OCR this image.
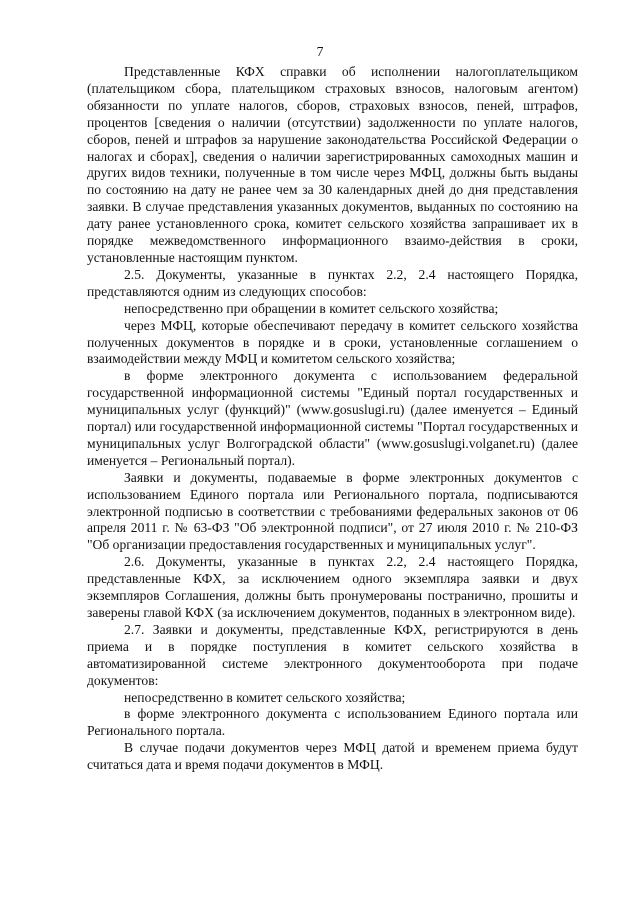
7

Представленные КФХ справки об исполнении налогоплательщиком (плательщиком сбора, плательщиком страховых взносов, налоговым агентом) обязанности по уплате налогов, сборов, страховых взносов, пеней, штрафов, процентов [сведения о наличии (отсутствии) задолженности по уплате налогов, сборов, пеней и штрафов за нарушение законодательства Российской Федерации о налогах и сборах], сведения о наличии зарегистрированных самоходных машин и других видов техники, полученные в том числе через МФЦ, должны быть выданы по состоянию на дату не ранее чем за 30 календарных дней до дня представления заявки. В случае представления указанных документов, выданных по состоянию на дату ранее установленного срока, комитет сельского хозяйства запрашивает их в порядке межведомственного информационного взаимо-действия в сроки, установленные настоящим пунктом.

2.5. Документы, указанные в пунктах 2.2, 2.4 настоящего Порядка, представляются одним из следующих способов:

непосредственно при обращении в комитет сельского хозяйства;

через МФЦ, которые обеспечивают передачу в комитет сельского хозяйства полученных документов в порядке и в сроки, установленные соглашением о взаимодействии между МФЦ и комитетом сельского хозяйства;

в форме электронного документа с использованием федеральной государственной информационной системы "Единый портал государственных и муниципальных услуг (функций)" (www.gosuslugi.ru) (далее именуется – Единый портал) или государственной информационной системы "Портал государственных и муниципальных услуг Волгоградской области" (www.gosuslugi.volganet.ru) (далее именуется – Региональный портал).

Заявки и документы, подаваемые в форме электронных документов с использованием Единого портала или Регионального портала, подписываются электронной подписью в соответствии с требованиями федеральных законов от 06 апреля 2011 г. № 63-ФЗ "Об электронной подписи", от 27 июля 2010 г. № 210-ФЗ "Об организации предоставления государственных и муниципальных услуг".

2.6. Документы, указанные в пунктах 2.2, 2.4 настоящего Порядка, представленные КФХ, за исключением одного экземпляра заявки и двух экземпляров Соглашения, должны быть пронумерованы постранично, прошиты и заверены главой КФХ (за исключением документов, поданных в электронном виде).

2.7. Заявки и документы, представленные КФХ, регистрируются в день приема и в порядке поступления в комитет сельского хозяйства в автоматизированной системе электронного документооборота при подаче документов:

непосредственно в комитет сельского хозяйства;

в форме электронного документа с использованием Единого портала или Регионального портала.

В случае подачи документов через МФЦ датой и временем приема будут считаться дата и время подачи документов в МФЦ.
